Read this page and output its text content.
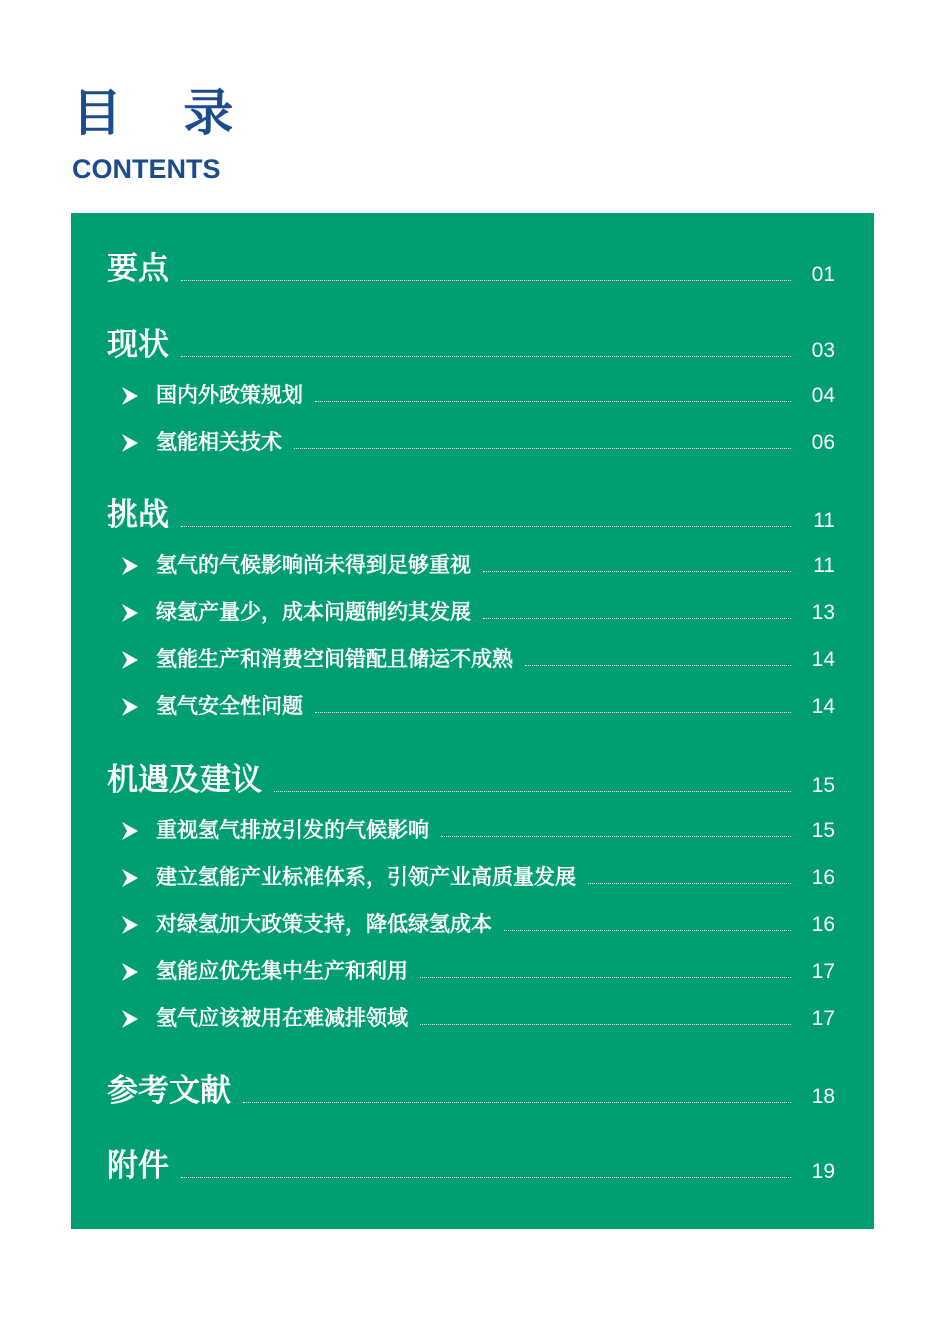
目 录
CONTENTS
要点	01
现状	03
国内外政策规划	04
氢能相关技术	06
挑战	11
氢气的气候影响尚未得到足够重视	11
绿氢产量少，成本问题制约其发展	13
氢能生产和消费空间错配且储运不成熟	14
氢气安全性问题	14
机遇及建议	15
重视氢气排放引发的气候影响	15
建立氢能产业标准体系，引领产业高质量发展	16
对绿氢加大政策支持，降低绿氢成本	16
氢能应优先集中生产和利用	17
氢气应该被用在难减排领域	17
参考文献	18
附件	19
